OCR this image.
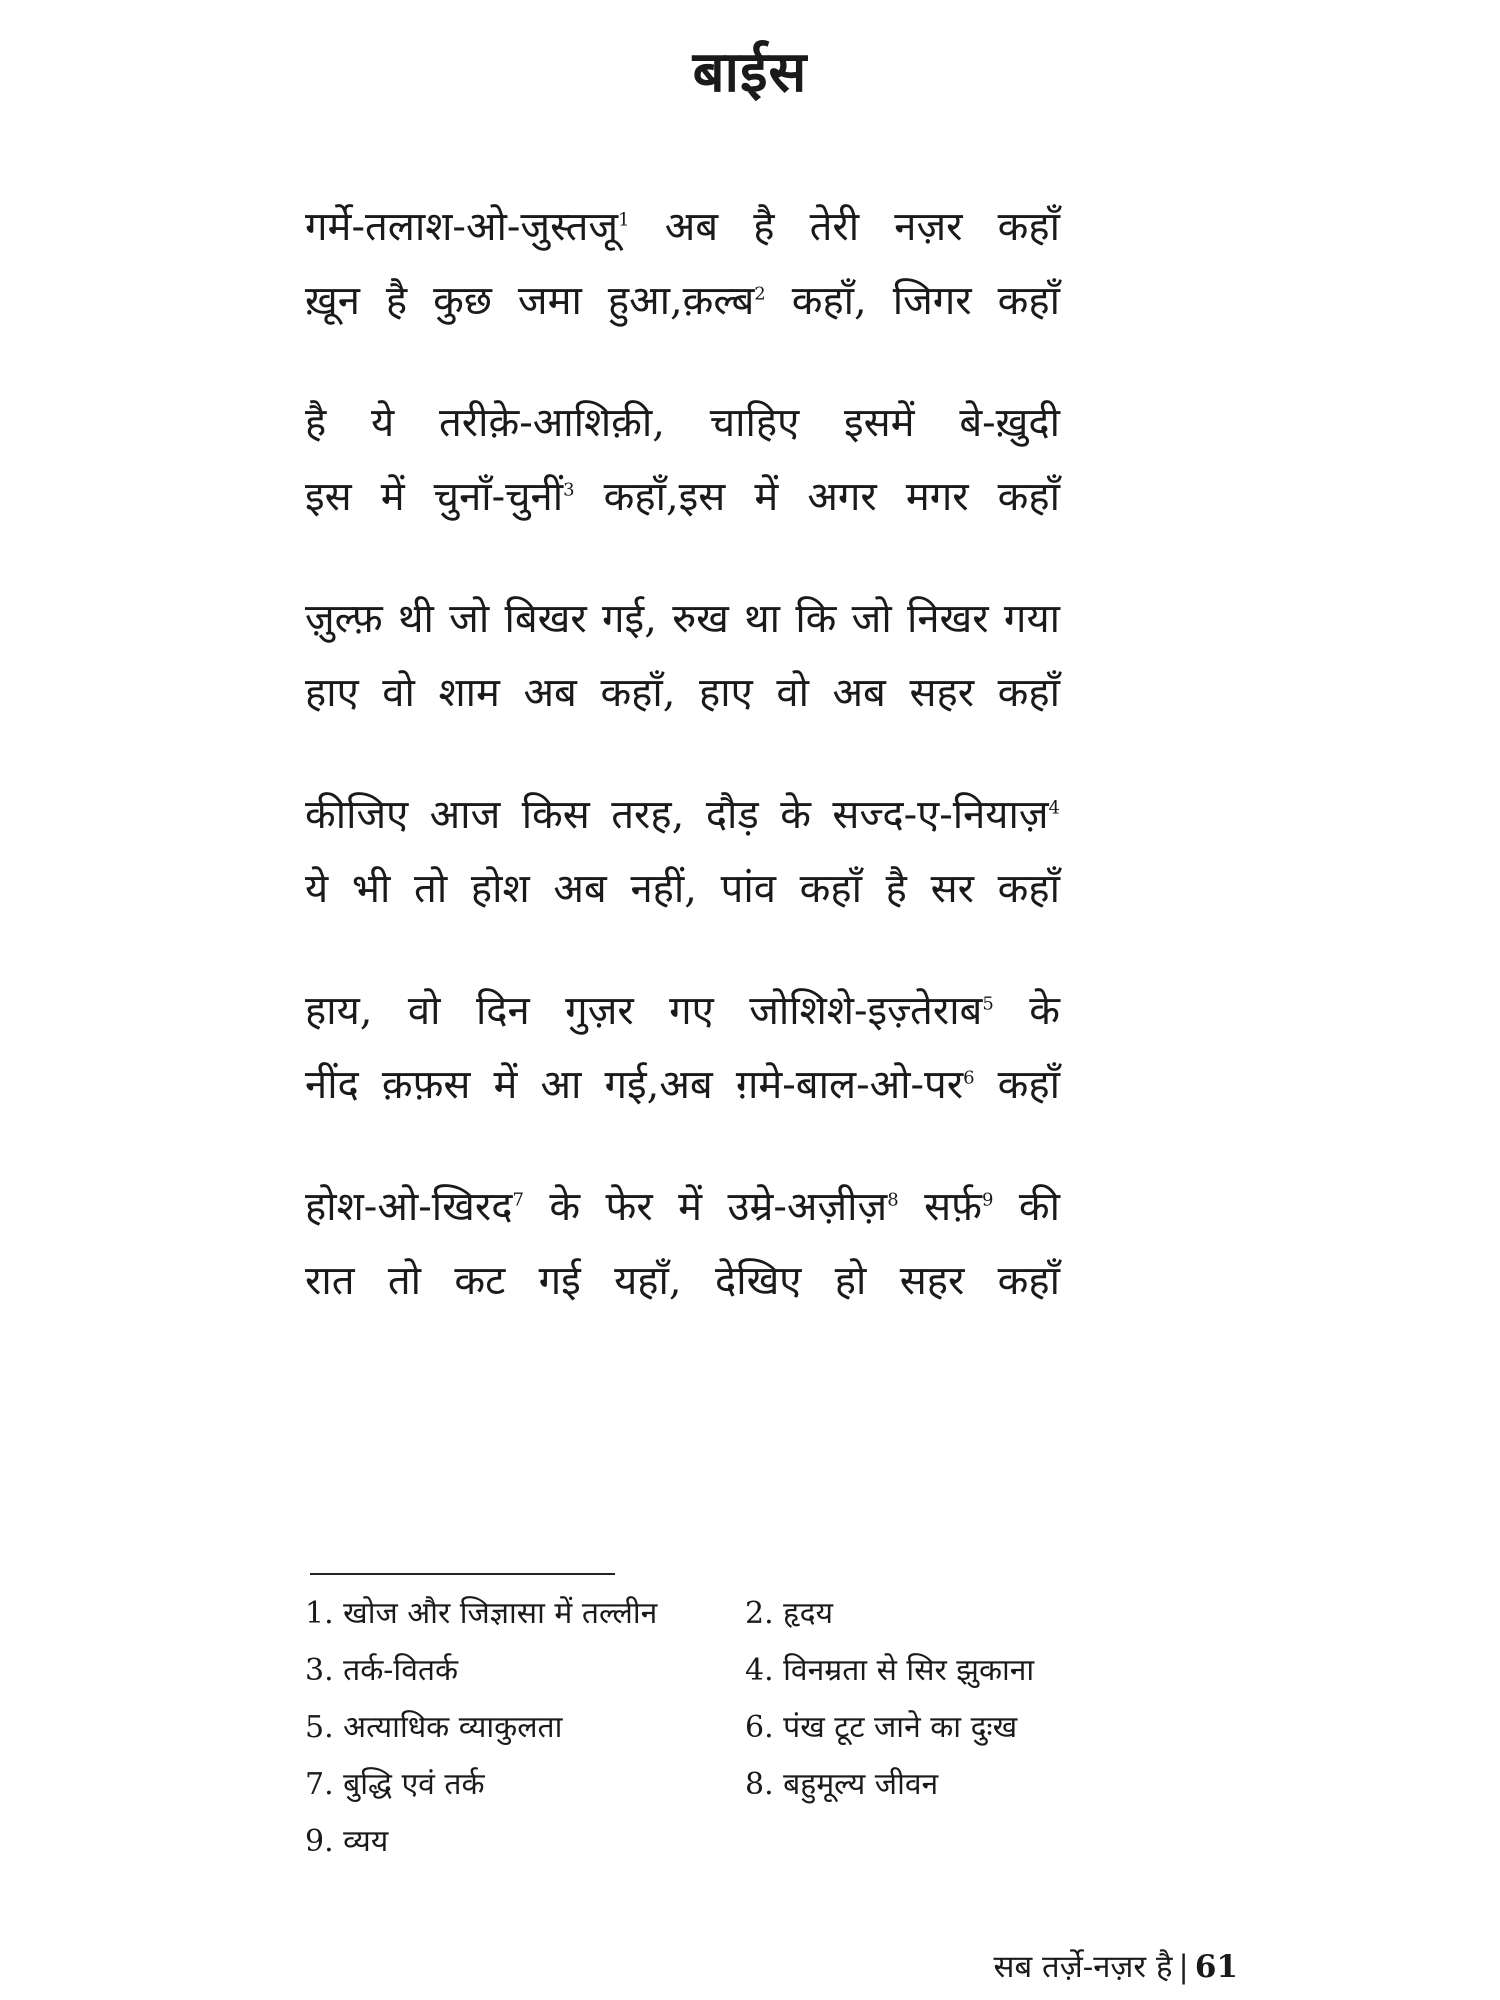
बाईस
गर्मे-तलाश-ओ-जुस्तजू$^1$ अब है तेरी नज़र कहाँ
ख़ून है कुछ जमा हुआ,क़ल्ब$^2$ कहाँ, जिगर कहाँ
है ये तरीक़े-आशिक़ी, चाहिए इसमें बे-ख़ुदी
इस में चुनाँ-चुनीं$^3$ कहाँ,इस में अगर मगर कहाँ
ज़ुल्फ़ थी जो बिखर गई, रुख था कि जो निखर गया
हाए वो शाम अब कहाँ, हाए वो अब सहर कहाँ
कीजिए आज किस तरह, दौड़ के सज्द-ए-नियाज़$^4$
ये भी तो होश अब नहीं, पांव कहाँ है सर कहाँ
हाय, वो दिन गुज़र गए जोशिशे-इज़्तेराब$^5$ के
नींद क़फ़स में आ गई,अब ग़मे-बाल-ओ-पर$^6$ कहाँ
होश-ओ-खिरद$^7$ के फेर में उम्रे-अज़ीज़$^8$ सर्फ़$^9$ की
रात तो कट गई यहाँ, देखिए हो सहर कहाँ
1. खोज और जिज्ञासा में तल्लीन	2. हृदय
3. तर्क-वितर्क	4. विनम्रता से सिर झुकाना
5. अत्याधिक व्याकुलता	6. पंख टूट जाने का दुःख
7. बुद्धि एवं तर्क	8. बहुमूल्य जीवन
9. व्यय
सब तर्ज़े-नज़र है | 61
